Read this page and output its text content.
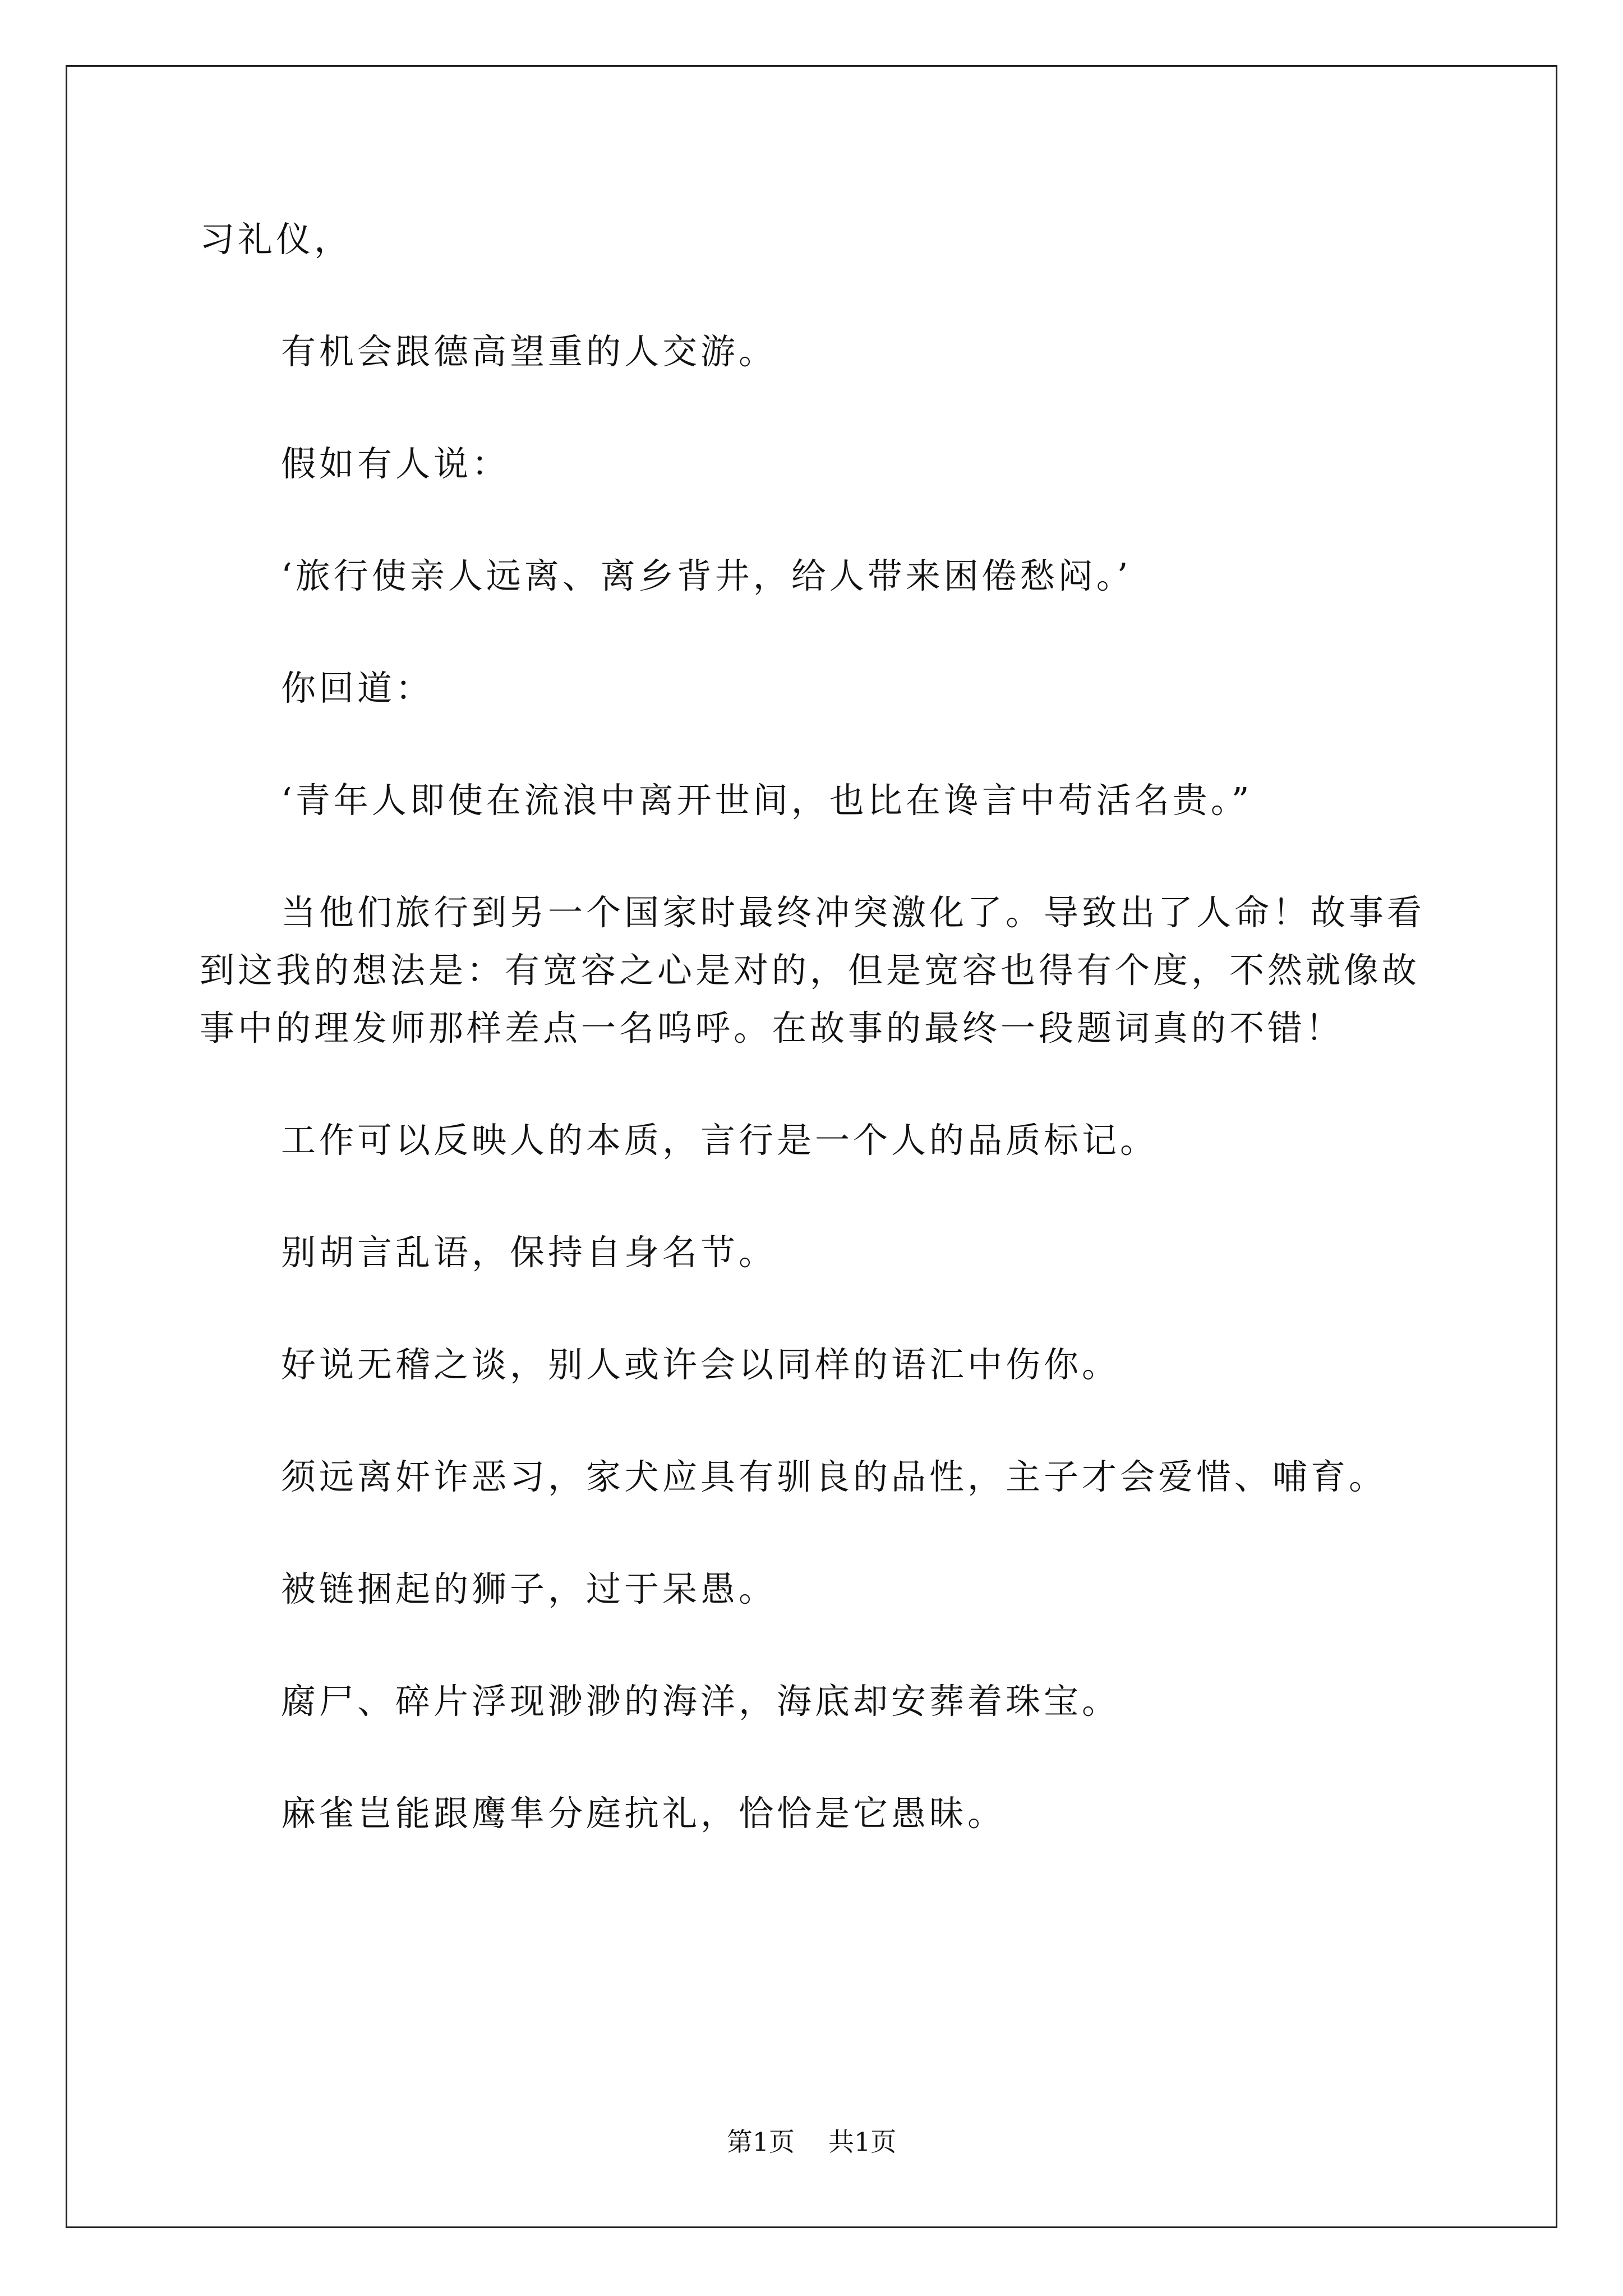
习礼仪，

有机会跟德高望重的人交游。

假如有人说：

‘旅行使亲人远离、离乡背井，给人带来困倦愁闷。’

你回道：

‘青年人即使在流浪中离开世间，也比在谗言中苟活名贵。”

当他们旅行到另一个国家时最终冲突激化了。导致出了人命！故事看到这我的想法是：有宽容之心是对的，但是宽容也得有个度，不然就像故事中的理发师那样差点一名呜呼。在故事的最终一段题词真的不错！

工作可以反映人的本质，言行是一个人的品质标记。

别胡言乱语，保持自身名节。

好说无稽之谈，别人或许会以同样的语汇中伤你。

须远离奸诈恶习，家犬应具有驯良的品性，主子才会爱惜、哺育。

被链捆起的狮子，过于呆愚。

腐尸、碎片浮现渺渺的海洋，海底却安葬着珠宝。

麻雀岂能跟鹰隼分庭抗礼，恰恰是它愚昧。

第1页 共1页
